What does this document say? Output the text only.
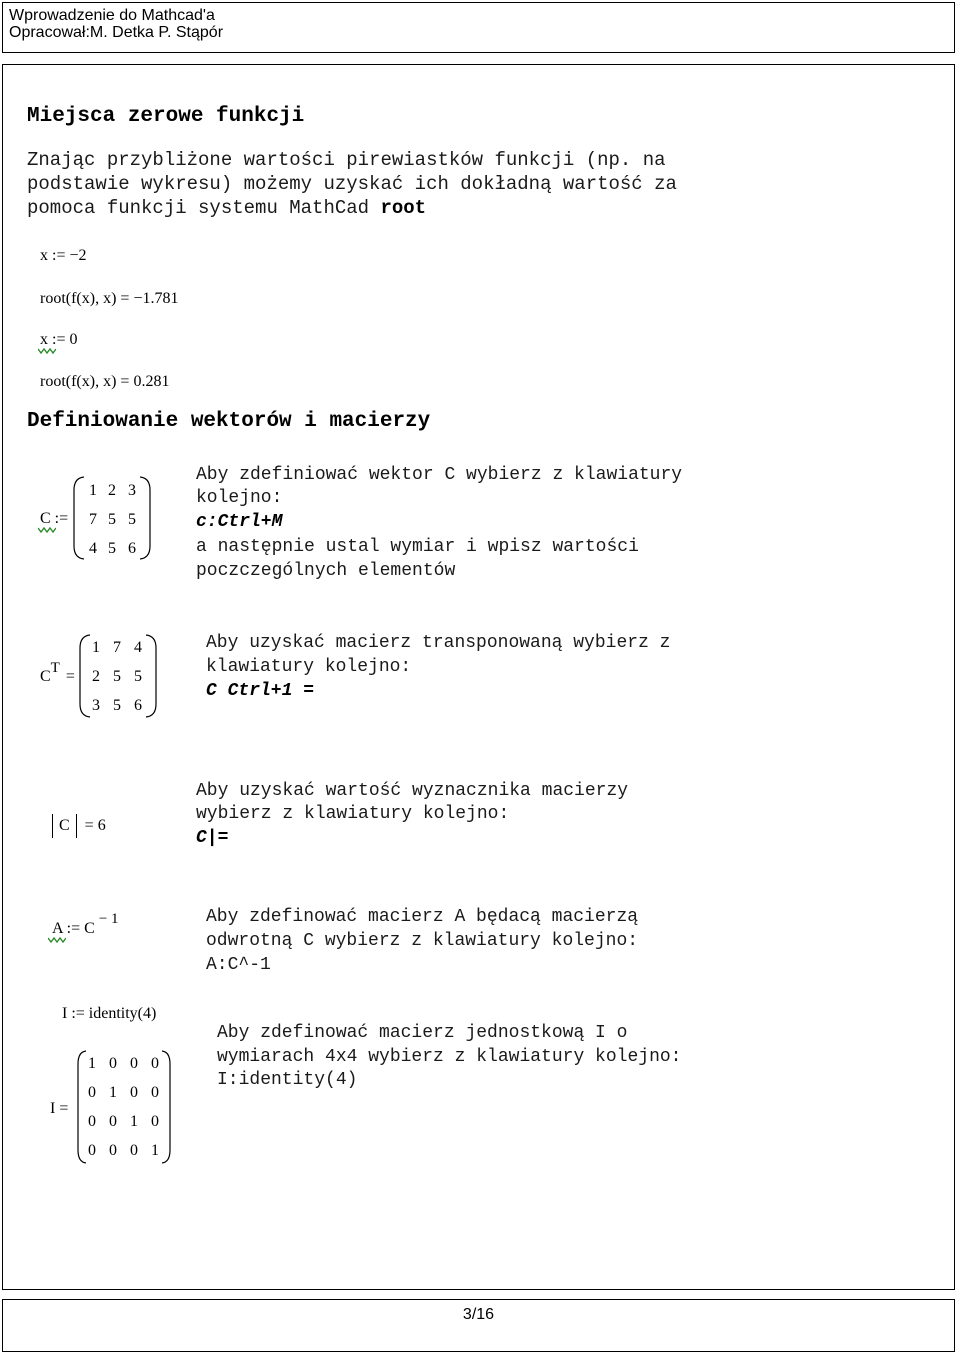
Wprowadzenie do Mathcad'a
Opracował:M. Detka P. Stąpór
Miejsca zerowe funkcji
Znając przybliżone wartości pirewiastków funkcji (np. na
podstawie wykresu) możemy uzyskać ich dokładną wartość za
pomoca funkcji systemu MathCad root
x := −2
root(f(x), x) = −1.781
x := 0
root(f(x), x) = 0.281
Definiowanie wektorów i macierzy
C :=
1 2 3
7 5 5
4 5 6
Aby zdefiniować wektor C wybierz z klawiatury
kolejno:
c:Ctrl+M
a następnie ustal wymiar i wpisz wartości
poczczególnych elementów
CT =
1 7 4
2 5 5
3 5 6
Aby uzyskać macierz transponowaną wybierz z
klawiatury kolejno:
C Ctrl+1 =
C = 6
Aby uzyskać wartość wyznacznika macierzy
wybierz z klawiatury kolejno:
C|=
A := C− 1	Aby zdefinować macierz A będacą macierzą
odwrotną C wybierz z klawiatury kolejno:
A:C^-1
I := identity(4)
I =
1 0 0 0
0 1 0 0
0 0 1 0
0 0 0 1
Aby zdefinować macierz jednostkową I o
wymiarach 4x4 wybierz z klawiatury kolejno:
I:identity(4)
3/16
